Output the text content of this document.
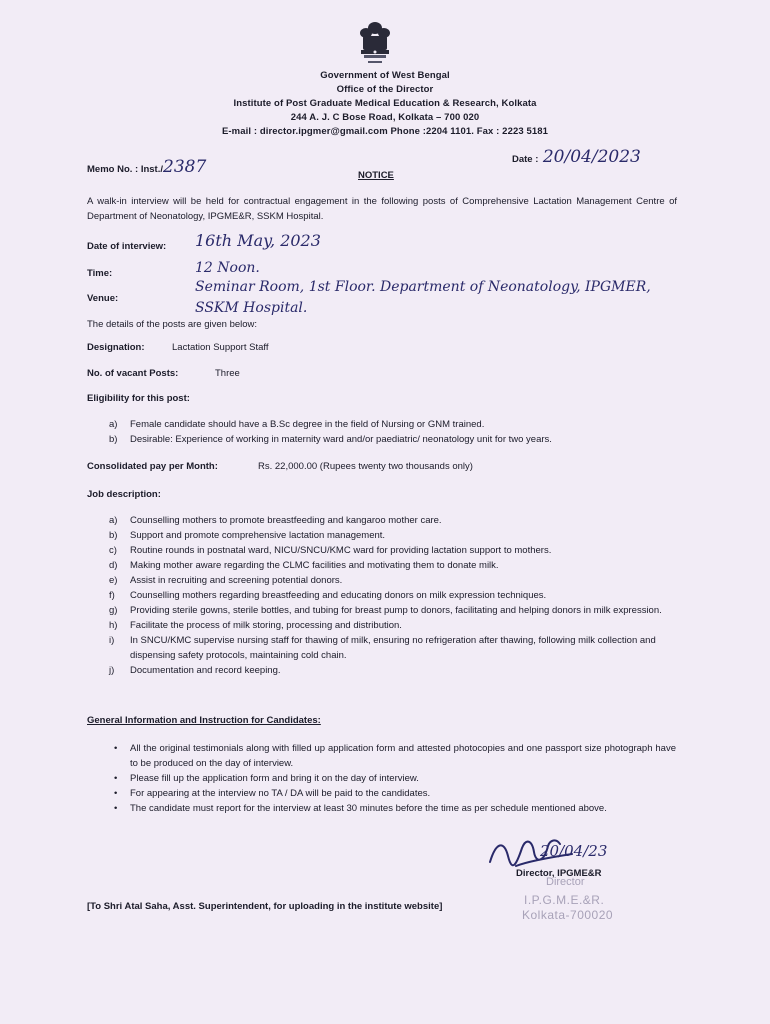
Government of West Bengal
Office of the Director
Institute of Post Graduate Medical Education & Research, Kolkata
244 A. J. C Bose Road, Kolkata – 700 020
E-mail : director.ipgmer@gmail.com Phone :2204 1101. Fax : 2223 5181
Memo No. : Inst./2387	Date : 20/04/2023
NOTICE
A walk-in interview will be held for contractual engagement in the following posts of Comprehensive Lactation Management Centre of Department of Neonatology, IPGME&R, SSKM Hospital.
Date of interview: 16th May, 2023
Time:	12 Noon.
Venue:
Seminar Room, 1st Floor. Department of Neonatology, IPGMER,
SSKM Hospital.
The details of the posts are given below:
Designation:	Lactation Support Staff
No. of vacant Posts:	Three
Eligibility for this post:
a) Female candidate should have a B.Sc degree in the field of Nursing or GNM trained.
b) Desirable: Experience of working in maternity ward and/or paediatric/ neonatology unit for two years.
Consolidated pay per Month:	Rs. 22,000.00 (Rupees twenty two thousands only)
Job description:
a) Counselling mothers to promote breastfeeding and kangaroo mother care.
b) Support and promote comprehensive lactation management.
c) Routine rounds in postnatal ward, NICU/SNCU/KMC ward for providing lactation support to mothers.
d) Making mother aware regarding the CLMC facilities and motivating them to donate milk.
e) Assist in recruiting and screening potential donors.
f) Counselling mothers regarding breastfeeding and educating donors on milk expression techniques.
g) Providing sterile gowns, sterile bottles, and tubing for breast pump to donors, facilitating and helping donors in milk expression.
h) Facilitate the process of milk storing, processing and distribution.
i) In SNCU/KMC supervise nursing staff for thawing of milk, ensuring no refrigeration after thawing, following milk collection and dispensing safety protocols, maintaining cold chain.
j) Documentation and record keeping.
General Information and Instruction for Candidates:
• All the original testimonials along with filled up application form and attested photocopies and one passport size photograph have to be produced on the day of interview.
• Please fill up the application form and bring it on the day of interview.
• For appearing at the interview no TA / DA will be paid to the candidates.
• The candidate must report for the interview at least 30 minutes before the time as per schedule mentioned above.
20/04/23
Director
Director, IPGME&R
I.P.G.M.E.&R.
Kolkata-700020
[To Shri Atal Saha, Asst. Superintendent, for uploading in the institute website]
